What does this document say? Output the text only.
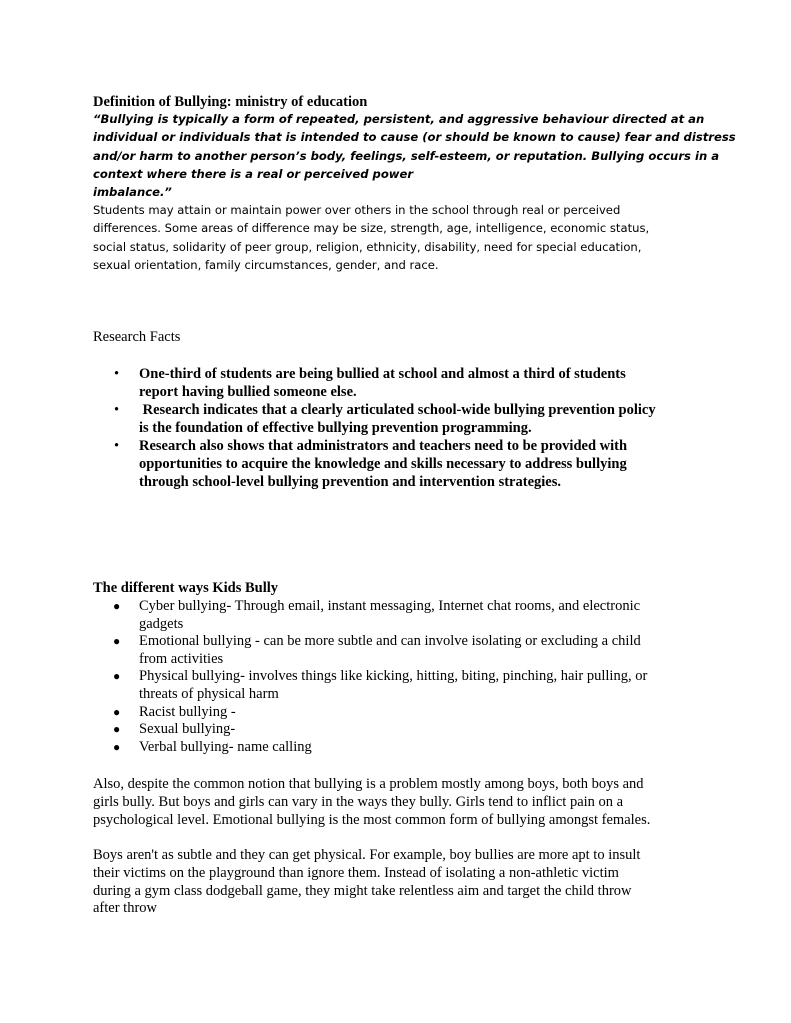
Definition of Bullying: ministry of education
“Bullying is typically a form of repeated, persistent, and aggressive behaviour directed at an
individual or individuals that is intended to cause (or should be known to cause) fear and distress
and/or harm to another person’s body, feelings, self-esteem, or reputation. Bullying occurs in a
context where there is a real or perceived power
imbalance.”
Students may attain or maintain power over others in the school through real or perceived
differences. Some areas of difference may be size, strength, age, intelligence, economic status,
social status, solidarity of peer group, religion, ethnicity, disability, need for special education,
sexual orientation, family circumstances, gender, and race.
Research Facts
• One-third of students are being bullied at school and almost a third of students
report having bullied someone else.
• Research indicates that a clearly articulated school-wide bullying prevention policy
is the foundation of effective bullying prevention programming.
• Research also shows that administrators and teachers need to be provided with
opportunities to acquire the knowledge and skills necessary to address bullying
through school-level bullying prevention and intervention strategies.
The different ways Kids Bully
● Cyber bullying- Through email, instant messaging, Internet chat rooms, and electronic
gadgets
● Emotional bullying - can be more subtle and can involve isolating or excluding a child
from activities
● Physical bullying- involves things like kicking, hitting, biting, pinching, hair pulling, or
threats of physical harm
● Racist bullying -
● Sexual bullying-
● Verbal bullying- name calling
Also, despite the common notion that bullying is a problem mostly among boys, both boys and
girls bully. But boys and girls can vary in the ways they bully. Girls tend to inflict pain on a
psychological level. Emotional bullying is the most common form of bullying amongst females.
Boys aren't as subtle and they can get physical. For example, boy bullies are more apt to insult
their victims on the playground than ignore them. Instead of isolating a non-athletic victim
during a gym class dodgeball game, they might take relentless aim and target the child throw
after throw
